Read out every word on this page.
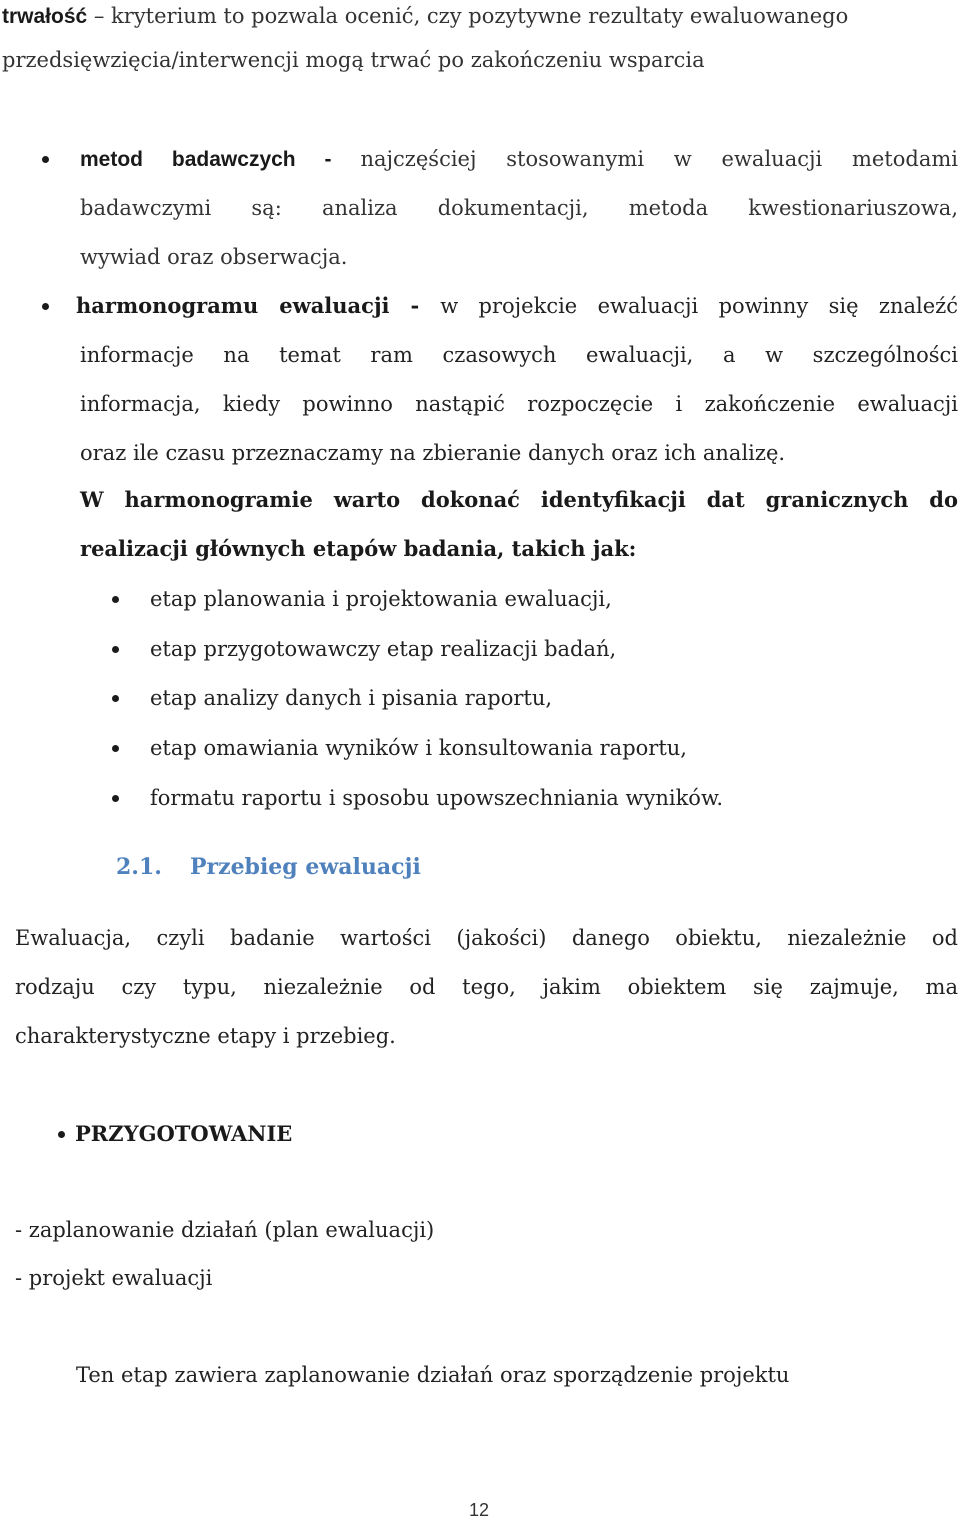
trwałość – kryterium to pozwala ocenić, czy pozytywne rezultaty ewaluowanego
przedsięwzięcia/interwencji mogą trwać po zakończeniu wsparcia
metod badawczych - najczęściej stosowanymi w ewaluacji metodami
badawczymi są: analiza dokumentacji, metoda kwestionariuszowa,
wywiad oraz obserwacja.
harmonogramu ewaluacji - w projekcie ewaluacji powinny się znaleźć
informacje na temat ram czasowych ewaluacji, a w szczególności
informacja, kiedy powinno nastąpić rozpoczęcie i zakończenie ewaluacji
oraz ile czasu przeznaczamy na zbieranie danych oraz ich analizę.
W harmonogramie warto dokonać identyfikacji dat granicznych do
realizacji głównych etapów badania, takich jak:
etap planowania i projektowania ewaluacji,
etap przygotowawczy etap realizacji badań,
etap analizy danych i pisania raportu,
etap omawiania wyników i konsultowania raportu,
formatu raportu i sposobu upowszechniania wyników.
2.1. Przebieg ewaluacji
Ewaluacja, czyli badanie wartości (jakości) danego obiektu, niezależnie od
rodzaju czy typu, niezależnie od tego, jakim obiektem się zajmuje, ma
charakterystyczne etapy i przebieg.
PRZYGOTOWANIE
- zaplanowanie działań (plan ewaluacji)
- projekt ewaluacji
Ten etap zawiera zaplanowanie działań oraz sporządzenie projektu
12
